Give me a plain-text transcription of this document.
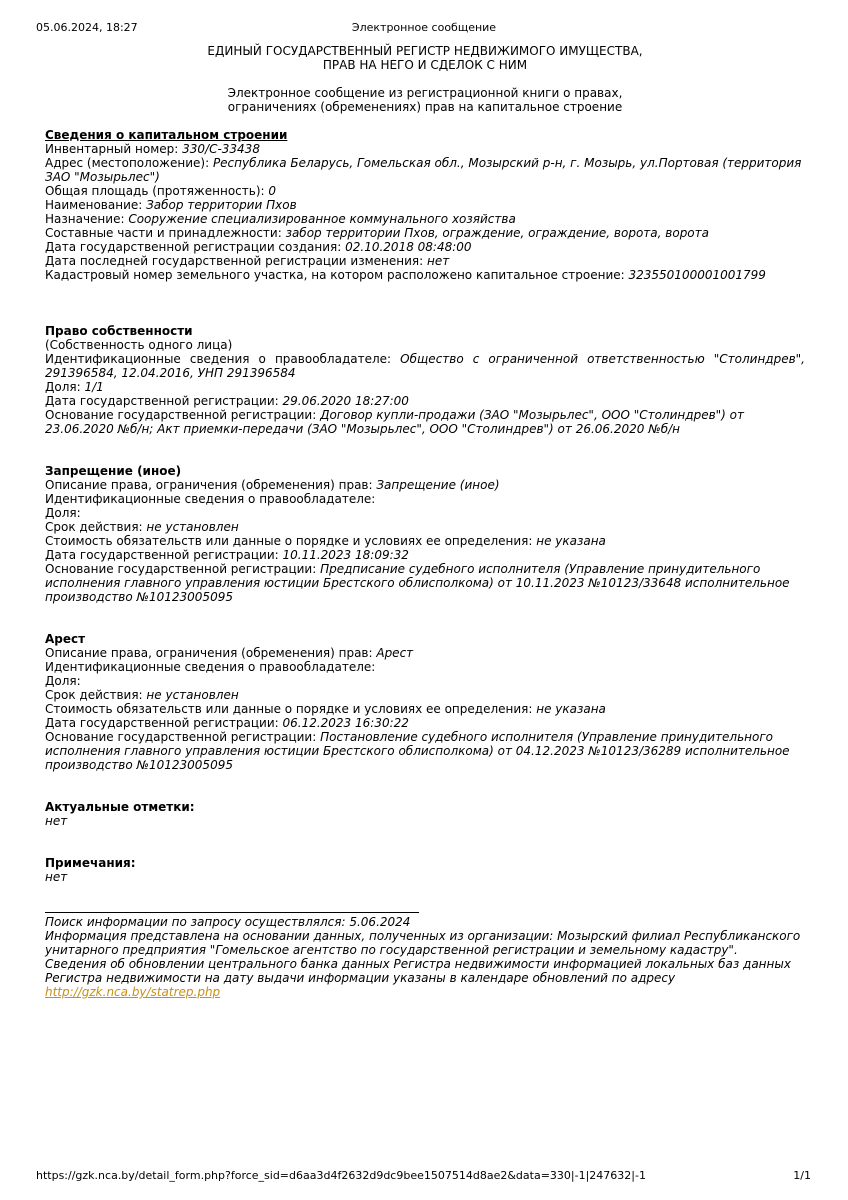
05.06.2024, 18:27	Электронное сообщение
ЕДИНЫЙ ГОСУДАРСТВЕННЫЙ РЕГИСТР НЕДВИЖИМОГО ИМУЩЕСТВА,
ПРАВ НА НЕГО И СДЕЛОК С НИМ
Электронное сообщение из регистрационной книги о правах,
ограничениях (обременениях) прав на капитальное строение
Сведения о капитальном строении
Инвентарный номер: 330/C-33438
Адрес (местоположение): Республика Беларусь, Гомельская обл., Мозырский р-н, г. Мозырь, ул.Портовая (территория ЗАО "Мозырьлес")
Общая площадь (протяженность): 0
Наименование: Забор территории Пхов
Назначение: Сооружение специализированное коммунального хозяйства
Составные части и принадлежности: забор территории Пхов, ограждение, ограждение, ворота, ворота
Дата государственной регистрации создания: 02.10.2018 08:48:00
Дата последней государственной регистрации изменения: нет
Кадастровый номер земельного участка, на котором расположено капитальное строение: 323550100001001799
Право собственности
(Собственность одного лица)
Идентификационные сведения о правообладателе: Общество с ограниченной ответственностью "Столиндрев", 291396584, 12.04.2016, УНП 291396584
Доля: 1/1
Дата государственной регистрации: 29.06.2020 18:27:00
Основание государственной регистрации: Договор купли-продажи (ЗАО "Мозырьлес", ООО "Столиндрев") от 23.06.2020 №б/н; Акт приемки-передачи (ЗАО "Мозырьлес", ООО "Столиндрев") от 26.06.2020 №б/н
Запрещение (иное)
Описание права, ограничения (обременения) прав: Запрещение (иное)
Идентификационные сведения о правообладателе:
Доля:
Срок действия: не установлен
Стоимость обязательств или данные о порядке и условиях ее определения: не указана
Дата государственной регистрации: 10.11.2023 18:09:32
Основание государственной регистрации: Предписание судебного исполнителя (Управление принудительного исполнения главного управления юстиции Брестского облисполкома) от 10.11.2023 №10123/33648 исполнительное производство №10123005095
Арест
Описание права, ограничения (обременения) прав: Арест
Идентификационные сведения о правообладателе:
Доля:
Срок действия: не установлен
Стоимость обязательств или данные о порядке и условиях ее определения: не указана
Дата государственной регистрации: 06.12.2023 16:30:22
Основание государственной регистрации: Постановление судебного исполнителя (Управление принудительного исполнения главного управления юстиции Брестского облисполкома) от 04.12.2023 №10123/36289 исполнительное производство №10123005095
Актуальные отметки:
нет
Примечания:
нет
Поиск информации по запросу осуществлялся: 5.06.2024
Информация представлена на основании данных, полученных из организации: Мозырский филиал Республиканского унитарного предприятия "Гомельское агентство по государственной регистрации и земельному кадастру".
Сведения об обновлении центрального банка данных Регистра недвижимости информацией локальных баз данных Регистра недвижимости на дату выдачи информации указаны в календаре обновлений по адресу
http://gzk.nca.by/statrep.php
https://gzk.nca.by/detail_form.php?force_sid=d6aa3d4f2632d9dc9bee1507514d8ae2&data=330|-1|247632|-1	1/1
